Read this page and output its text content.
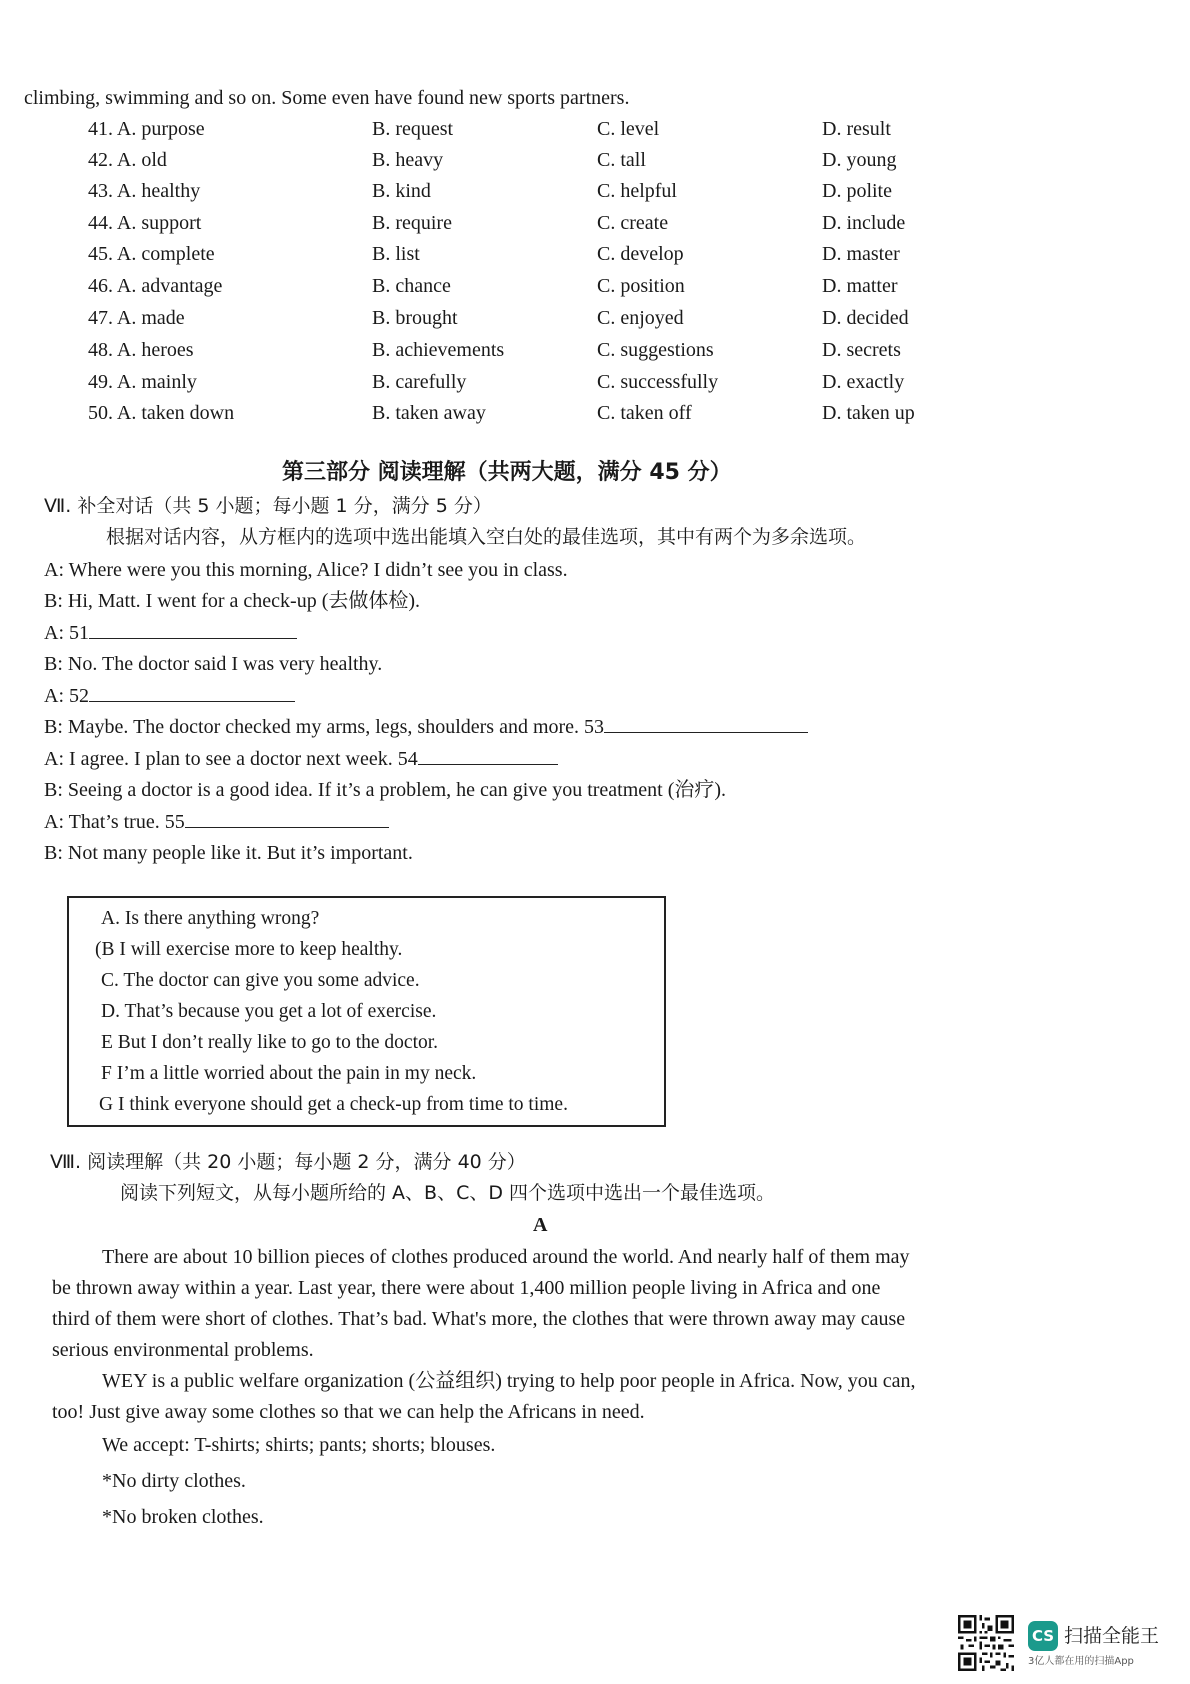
climbing, swimming and so on. Some even have found new sports partners.
41. A. purpose	B. request	C. level	D. result
42. A. old	B. heavy	C. tall	D. young
43. A. healthy	B. kind	C. helpful	D. polite
44. A. support	B. require	C. create	D. include
45. A. complete	B. list	C. develop	D. master
46. A. advantage	B. chance	C. position	D. matter
47. A. made	B. brought	C. enjoyed	D. decided
48. A. heroes	B. achievements	C. suggestions	D. secrets
49. A. mainly	B. carefully	C. successfully	D. exactly
50. A. taken down	B. taken away	C. taken off	D. taken up
第三部分 阅读理解（共两大题，满分 45 分）
Ⅶ. 补全对话（共 5 小题；每小题 1 分，满分 5 分）
根据对话内容，从方框内的选项中选出能填入空白处的最佳选项，其中有两个为多余选项。
A: Where were you this morning, Alice? I didn’t see you in class.
B: Hi, Matt. I went for a check-up (去做体检).
A: 51
B: No. The doctor said I was very healthy.
A: 52
B: Maybe. The doctor checked my arms, legs, shoulders and more. 53
A: I agree. I plan to see a doctor next week. 54
B: Seeing a doctor is a good idea. If it’s a problem, he can give you treatment (治疗).
A: That’s true. 55
B: Not many people like it. But it’s important.
A. Is there anything wrong?
(B I will exercise more to keep healthy.
C. The doctor can give you some advice.
D. That’s because you get a lot of exercise.
E But I don’t really like to go to the doctor.
F I’m a little worried about the pain in my neck.
G I think everyone should get a check-up from time to time.
Ⅷ. 阅读理解（共 20 小题；每小题 2 分，满分 40 分）
阅读下列短文，从每小题所给的 A、B、C、D 四个选项中选出一个最佳选项。
A
There are about 10 billion pieces of clothes produced around the world. And nearly half of them may
be thrown away within a year. Last year, there were about 1,400 million people living in Africa and one
third of them were short of clothes. That’s bad. What's more, the clothes that were thrown away may cause
serious environmental problems.
WEY is a public welfare organization (公益组织) trying to help poor people in Africa. Now, you can,
too! Just give away some clothes so that we can help the Africans in need.
We accept: T-shirts; shirts; pants; shorts; blouses.
*No dirty clothes.
*No broken clothes.
CS 扫描全能王
3亿人都在用的扫描App
